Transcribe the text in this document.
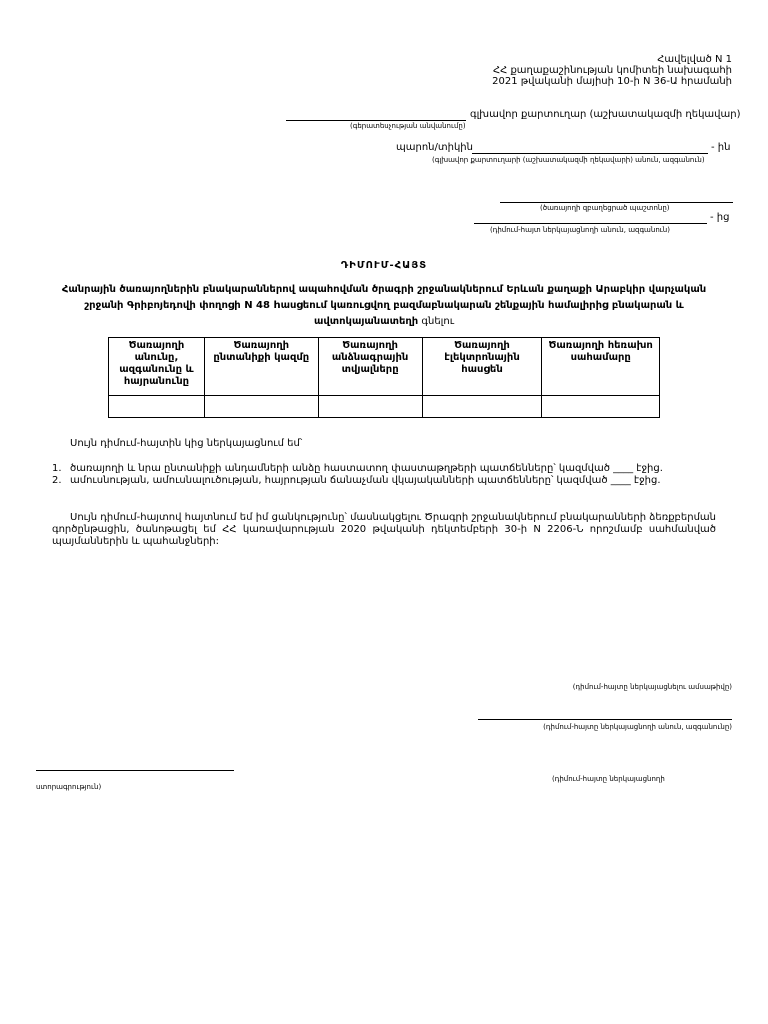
Հավելված N 1
ՀՀ քաղաքաշինության կոմիտեի նախագահի
2021 թվականի մայիսի 10-ի N 36-Ա հրամանի
գլխավոր քարտուղար (աշխատակազմի ղեկավար)
(գերատեսչության անվանումը)
պարոն/տիկին	- ին
(գլխավոր քարտուղարի (աշխատակազմի ղեկավարի) անուն, ազգանուն)
(ծառայողի զբաղեցրած պաշտոնը)
- ից
(դիմում-հայտ ներկայացնողի անուն, ազգանուն)
ԴԻՄՈՒՄ-ՀԱՅՏ
Հանրային ծառայողներին բնակարաններով ապահովման ծրագրի շրջանակներում Երևան քաղաքի Արաբկիր վարչական շրջանի Գրիբոյեդովի փողոցի N 48 hասցեում կառուցվող բազմաբնակարան շենքային համալիրից բնակարան և ավտոկայանատեղի գնելու
Ծառայողի անունը, ազգանունը և հայրանունը	Ծառայողի ընտանիքի կազմը	Ծառայողի անձնագրային տվյալները	Ծառայողի էլեկտրոնային հասցեն	Ծառայողի հեռախոսահամարը

Սույն դիմում-հայտին կից ներկայացնում եմ՝
1. ծառայողի և նրա ընտանիքի անդամների անձը հաստատող փաստաթղթերի պատճենները՝ կազմված ____ էջից.
2. ամուսնության, ամուսնալուծության, հայրության ճանաչման վկայականների պատճենները՝ կազմված ____ էջից.
Սույն դիմում-հայտով հայտնում եմ իմ ցանկությունը՝ մասնակցելու Ծրագրի շրջանակներում բնակարանների ձեռքբերման գործընթացին, ծանոթացել եմ ՀՀ կառավարության 2020 թվականի դեկտեմբերի 30-ի N 2206-Ն որոշմամբ սահմանված պայմաններին և պահանջների:
(դիմում-հայտը ներկայացնելու ամսաթիվը)
(դիմում-հայտը ներկայացնողի անուն, ազգանունը)
(դիմում-հայտը ներկայացնողի
ստորագրություն)
